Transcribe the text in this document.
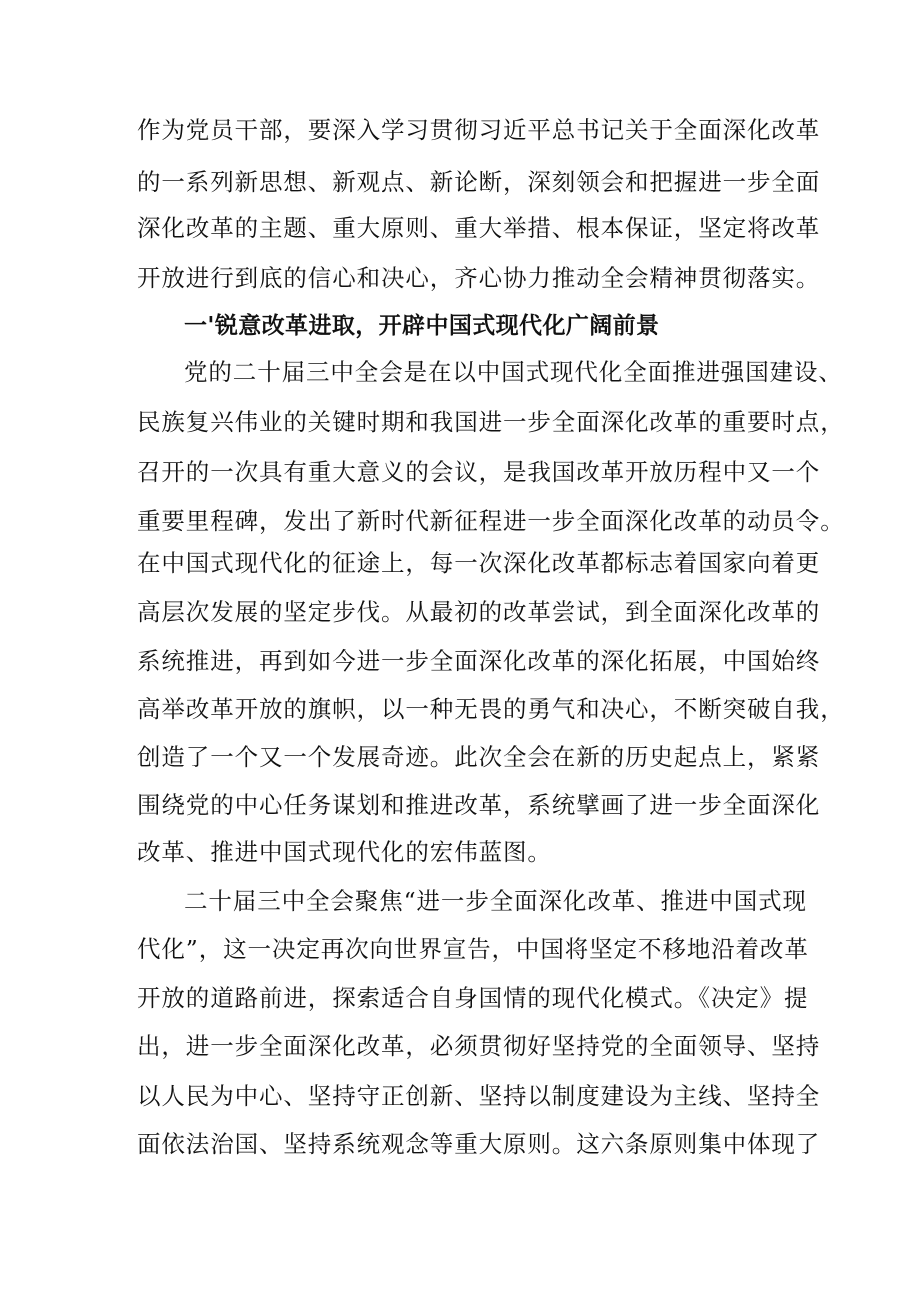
作为党员干部，要深入学习贯彻习近平总书记关于全面深化改革
的一系列新思想、新观点、新论断，深刻领会和把握进一步全面
深化改革的主题、重大原则、重大举措、根本保证，坚定将改革
开放进行到底的信心和决心，齐心协力推动全会精神贯彻落实。
一'锐意改革进取，开辟中国式现代化广阔前景
党的二十届三中全会是在以中国式现代化全面推进强国建设、
民族复兴伟业的关键时期和我国进一步全面深化改革的重要时点，
召开的一次具有重大意义的会议，是我国改革开放历程中又一个
重要里程碑，发出了新时代新征程进一步全面深化改革的动员令。
在中国式现代化的征途上，每一次深化改革都标志着国家向着更
高层次发展的坚定步伐。从最初的改革尝试，到全面深化改革的
系统推进，再到如今进一步全面深化改革的深化拓展，中国始终
高举改革开放的旗帜，以一种无畏的勇气和决心，不断突破自我，
创造了一个又一个发展奇迹。此次全会在新的历史起点上，紧紧
围绕党的中心任务谋划和推进改革，系统擘画了进一步全面深化
改革、推进中国式现代化的宏伟蓝图。
二十届三中全会聚焦“进一步全面深化改革、推进中国式现
代化”，这一决定再次向世界宣告，中国将坚定不移地沿着改革
开放的道路前进，探索适合自身国情的现代化模式。《决定》提
出，进一步全面深化改革，必须贯彻好坚持党的全面领导、坚持
以人民为中心、坚持守正创新、坚持以制度建设为主线、坚持全
面依法治国、坚持系统观念等重大原则。这六条原则集中体现了
